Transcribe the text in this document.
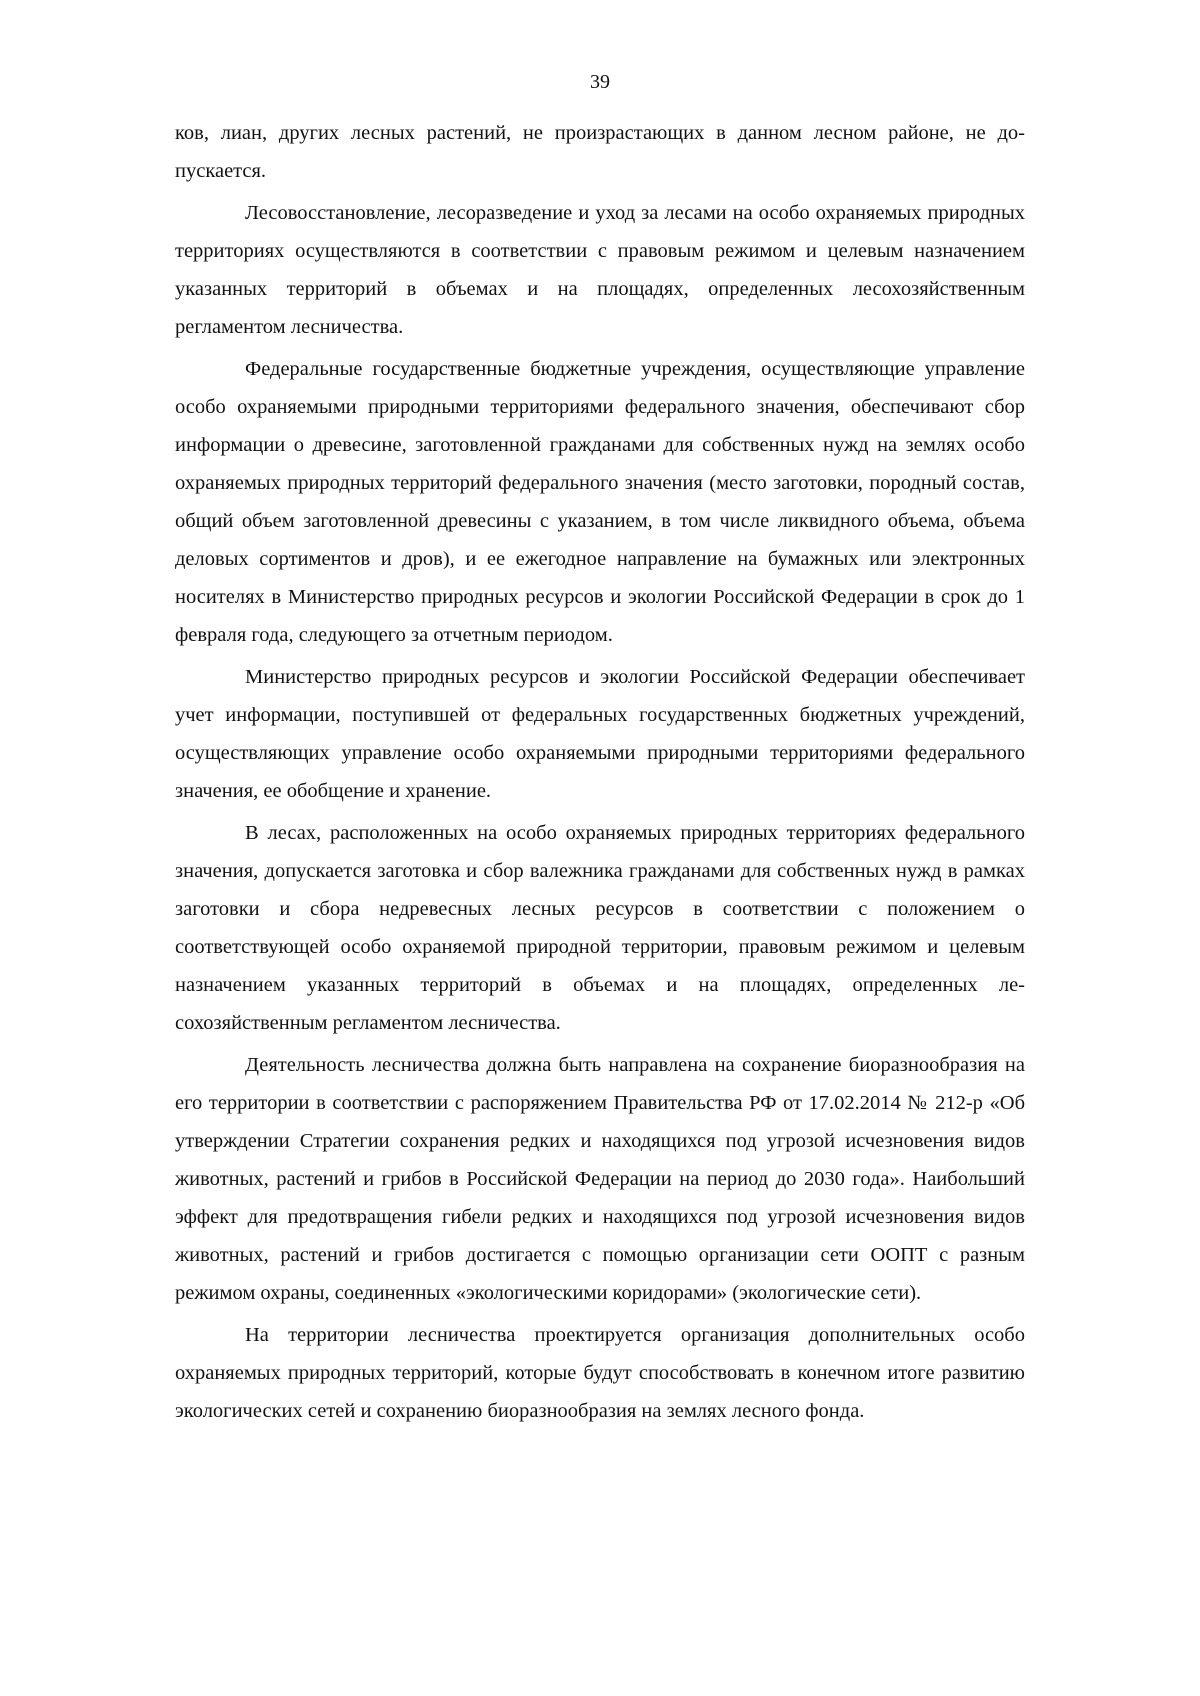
39

ков, лиан, других лесных растений, не произрастающих в данном лесном районе, не допускается.

Лесовосстановление, лесоразведение и уход за лесами на особо охраняемых природных территориях осуществляются в соответствии с правовым режимом и целевым назначением указанных территорий в объемах и на площадях, определенных лесохозяйственным регламентом лесничества.

Федеральные государственные бюджетные учреждения, осуществляющие управление особо охраняемыми природными территориями федерального значения, обеспечивают сбор информации о древесине, заготовленной гражданами для собственных нужд на землях особо охраняемых природных территорий федерального значения (место заготовки, породный состав, общий объем заготовленной древесины с указанием, в том числе ликвидного объема, объема деловых сортиментов и дров), и ее ежегодное направление на бумажных или электронных носителях в Министерство природных ресурсов и экологии Российской Федерации в срок до 1 февраля года, следующего за отчетным периодом.

Министерство природных ресурсов и экологии Российской Федерации обеспечивает учет информации, поступившей от федеральных государственных бюджетных учреждений, осуществляющих управление особо охраняемыми природными территориями федерального значения, ее обобщение и хранение.

В лесах, расположенных на особо охраняемых природных территориях федерального значения, допускается заготовка и сбор валежника гражданами для собственных нужд в рамках заготовки и сбора недревесных лесных ресурсов в соответствии с положением о соответствующей особо охраняемой природной территории, правовым режимом и целевым назначением указанных территорий в объемах и на площадях, определенных лесохозяйственным регламентом лесничества.

Деятельность лесничества должна быть направлена на сохранение биоразнообразия на его территории в соответствии с распоряжением Правительства РФ от 17.02.2014 № 212-р «Об утверждении Стратегии сохранения редких и находящихся под угрозой исчезновения видов животных, растений и грибов в Российской Федерации на период до 2030 года». Наибольший эффект для предотвращения гибели редких и находящихся под угрозой исчезновения видов животных, растений и грибов достигается с помощью организации сети ООПТ с разным режимом охраны, соединенных «экологическими коридорами» (экологические сети).

На территории лесничества проектируется организация дополнительных особо охраняемых природных территорий, которые будут способствовать в конечном итоге развитию экологических сетей и сохранению биоразнообразия на землях лесного фонда.
